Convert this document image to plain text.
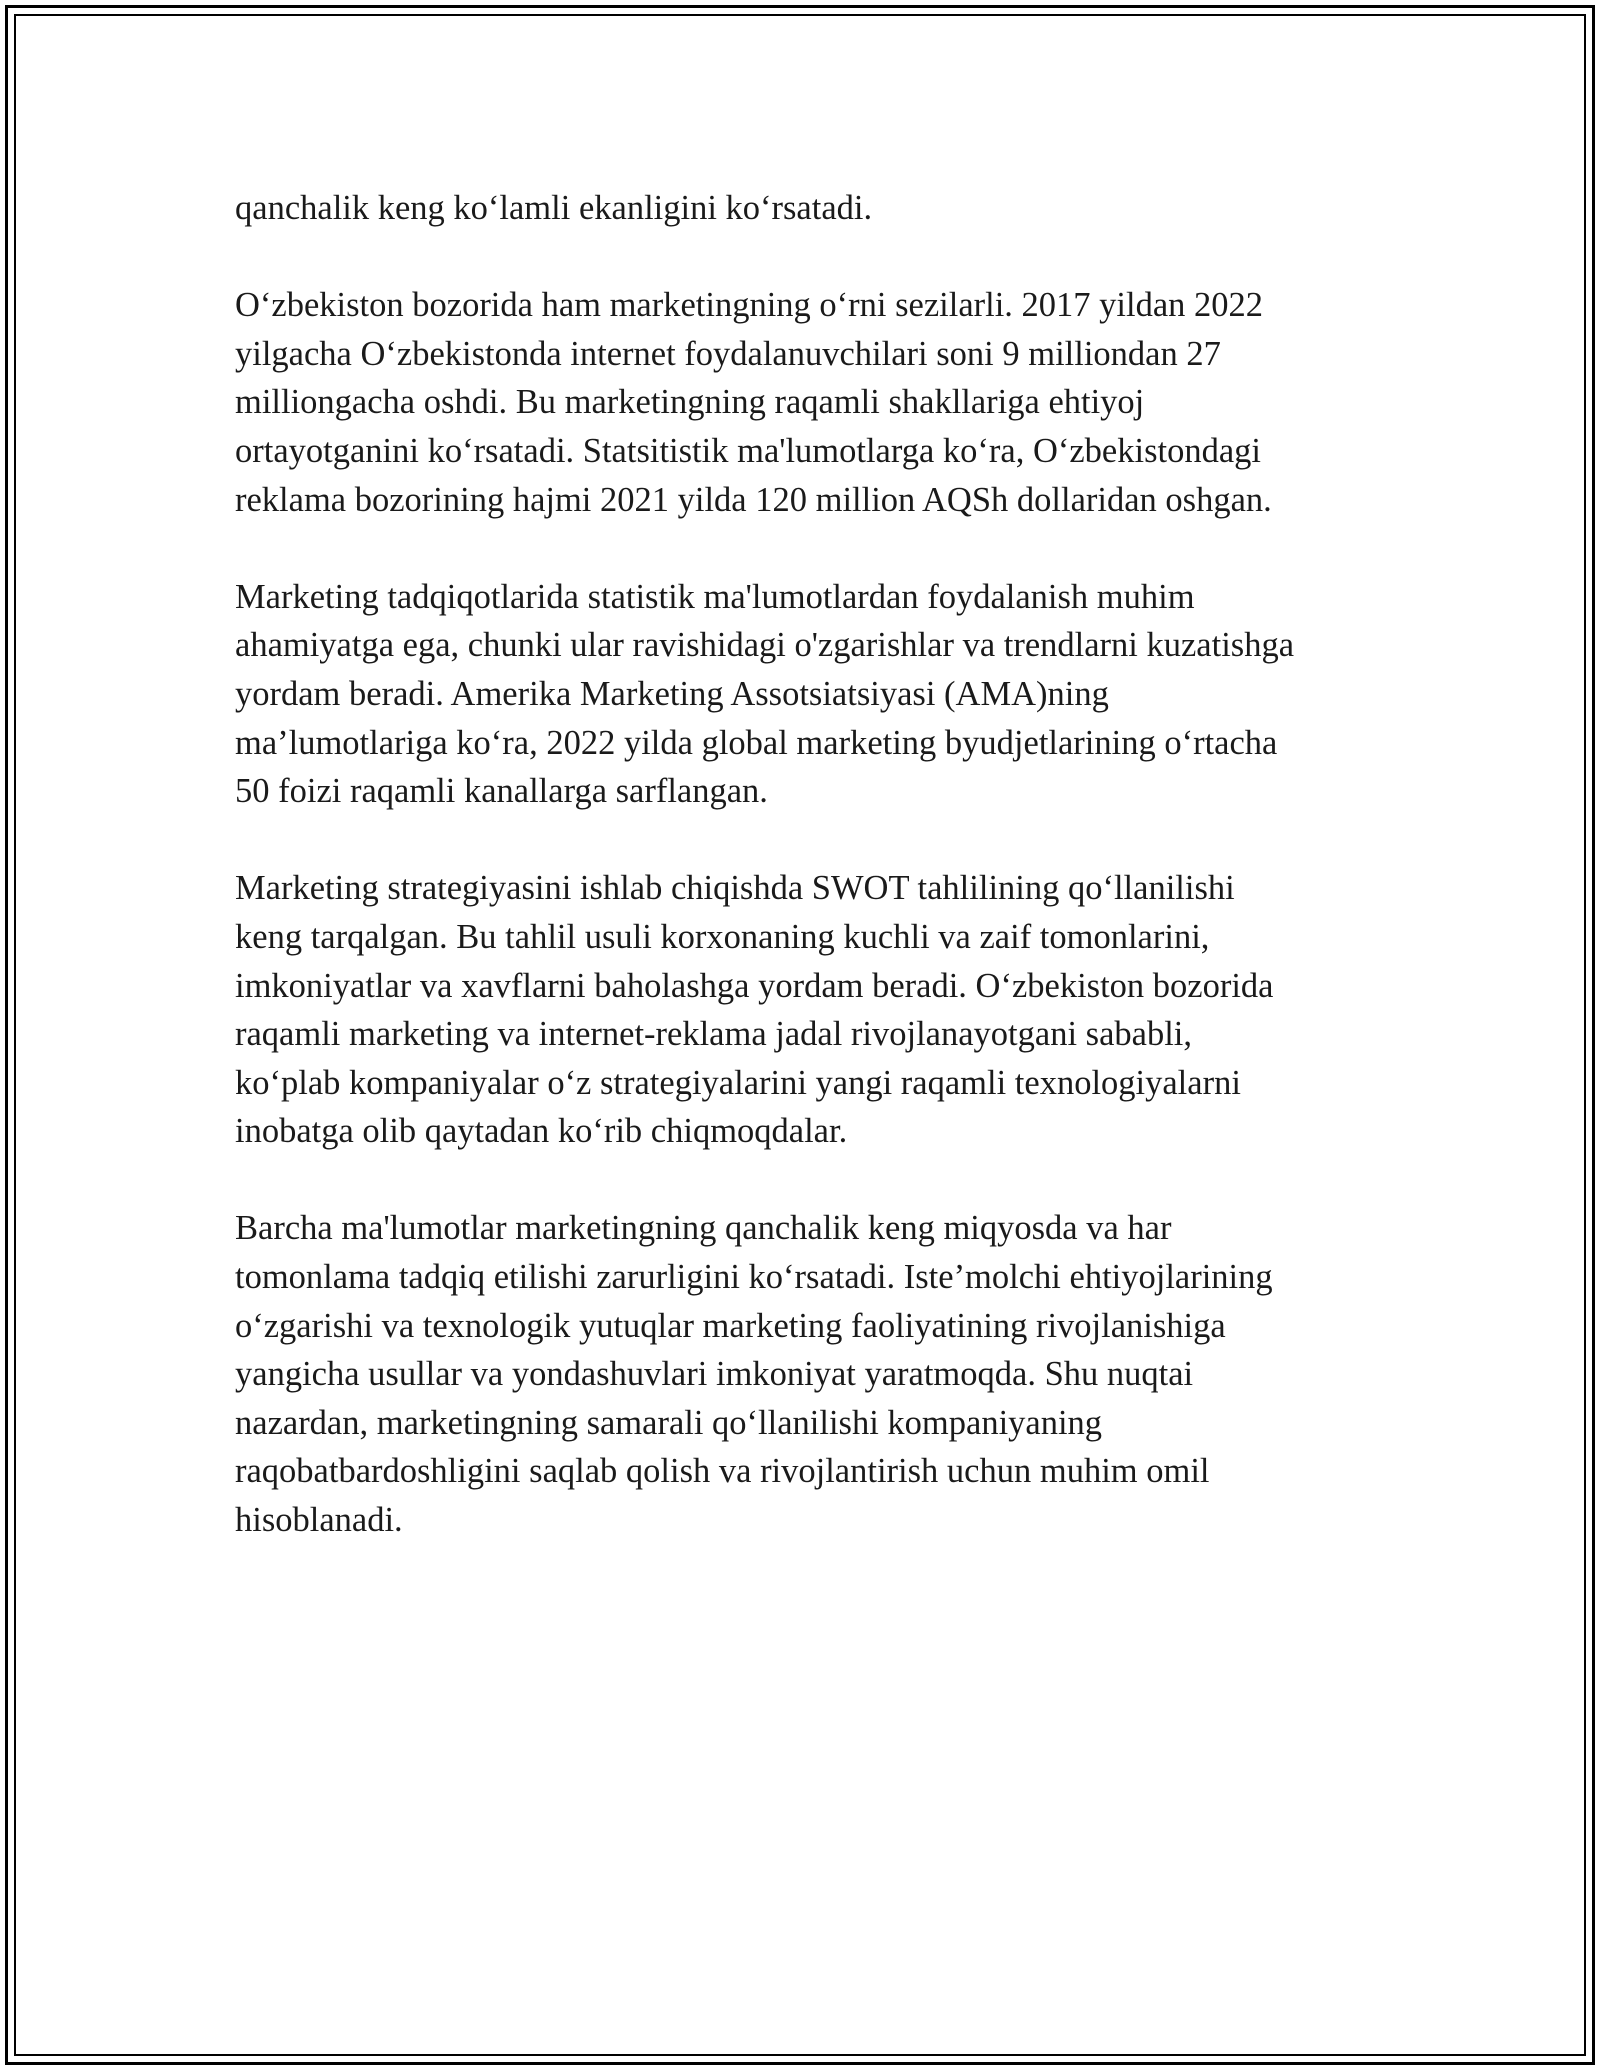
qanchalik keng ko‘lamli ekanligini ko‘rsatadi.

O‘zbekiston bozorida ham marketingning o‘rni sezilarli. 2017 yildan 2022
yilgacha O‘zbekistonda internet foydalanuvchilari soni 9 milliondan 27
milliongacha oshdi. Bu marketingning raqamli shakllariga ehtiyoj
ortayotganini ko‘rsatadi. Statsitistik ma'lumotlarga ko‘ra, O‘zbekistondagi
reklama bozorining hajmi 2021 yilda 120 million AQSh dollaridan oshgan.

Marketing tadqiqotlarida statistik ma'lumotlardan foydalanish muhim
ahamiyatga ega, chunki ular ravishidagi o'zgarishlar va trendlarni kuzatishga
yordam beradi. Amerika Marketing Assotsiatsiyasi (AMA)ning
ma’lumotlariga ko‘ra, 2022 yilda global marketing byudjetlarining o‘rtacha
50 foizi raqamli kanallarga sarflangan.

Marketing strategiyasini ishlab chiqishda SWOT tahlilining qo‘llanilishi
keng tarqalgan. Bu tahlil usuli korxonaning kuchli va zaif tomonlarini,
imkoniyatlar va xavflarni baholashga yordam beradi. O‘zbekiston bozorida
raqamli marketing va internet-reklama jadal rivojlanayotgani sababli,
ko‘plab kompaniyalar o‘z strategiyalarini yangi raqamli texnologiyalarni
inobatga olib qaytadan ko‘rib chiqmoqdalar.

Barcha ma'lumotlar marketingning qanchalik keng miqyosda va har
tomonlama tadqiq etilishi zarurligini ko‘rsatadi. Iste’molchi ehtiyojlarining
o‘zgarishi va texnologik yutuqlar marketing faoliyatining rivojlanishiga
yangicha usullar va yondashuvlari imkoniyat yaratmoqda. Shu nuqtai
nazardan, marketingning samarali qo‘llanilishi kompaniyaning
raqobatbardoshligini saqlab qolish va rivojlantirish uchun muhim omil
hisoblanadi.
